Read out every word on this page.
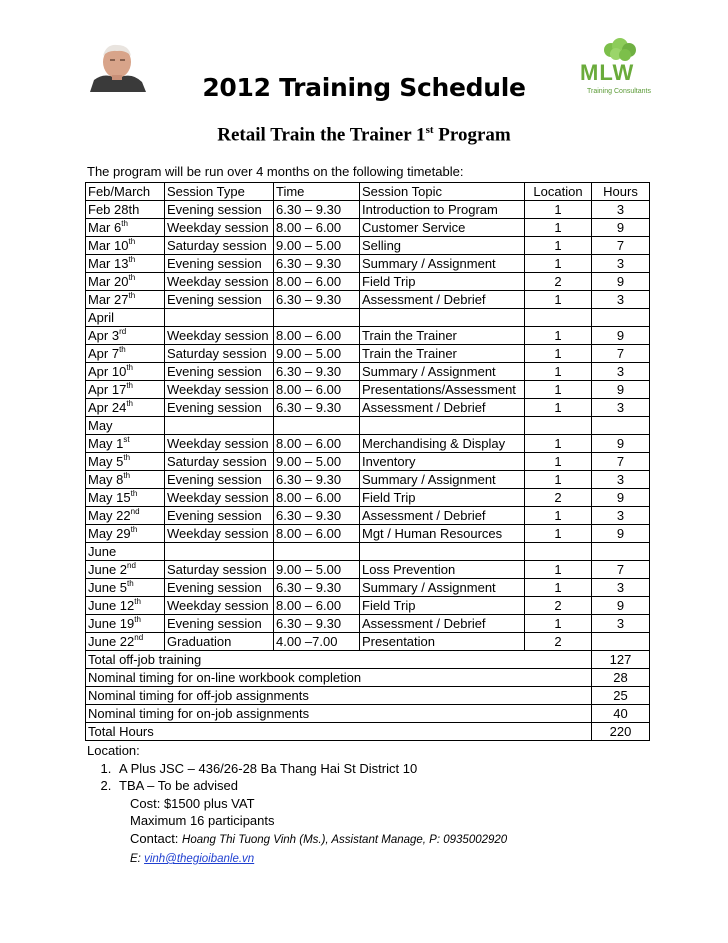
MLW
Training Consultants
2012 Training Schedule
Retail Train the Trainer 1st Program
The program will be run over 4 months on the following timetable:
Feb/March	Session Type	Time	Session Topic	Location	Hours
Feb 28th	Evening session	6.30 – 9.30	Introduction to Program	1	3
Mar 6th	Weekday session	8.00 – 6.00	Customer Service	1	9
Mar 10th	Saturday session	9.00 – 5.00	Selling	1	7
Mar 13th	Evening session	6.30 – 9.30	Summary / Assignment	1	3
Mar 20th	Weekday session	8.00 – 6.00	Field Trip	2	9
Mar 27th	Evening session	6.30 – 9.30	Assessment / Debrief	1	3
April					
Apr 3rd	Weekday session	8.00 – 6.00	Train the Trainer	1	9
Apr 7th	Saturday session	9.00 – 5.00	Train the Trainer	1	7
Apr 10th	Evening session	6.30 – 9.30	Summary / Assignment	1	3
Apr 17th	Weekday session	8.00 – 6.00	Presentations/Assessment	1	9
Apr 24th	Evening session	6.30 – 9.30	Assessment / Debrief	1	3
May					
May 1st	Weekday session	8.00 – 6.00	Merchandising & Display	1	9
May 5th	Saturday session	9.00 – 5.00	Inventory	1	7
May 8th	Evening session	6.30 – 9.30	Summary / Assignment	1	3
May 15th	Weekday session	8.00 – 6.00	Field Trip	2	9
May 22nd	Evening session	6.30 – 9.30	Assessment / Debrief	1	3
May 29th	Weekday session	8.00 – 6.00	Mgt / Human Resources	1	9
June					
June 2nd	Saturday session	9.00 – 5.00	Loss Prevention	1	7
June 5th	Evening session	6.30 – 9.30	Summary / Assignment	1	3
June 12th	Weekday session	8.00 – 6.00	Field Trip	2	9
June 19th	Evening session	6.30 – 9.30	Assessment / Debrief	1	3
June 22nd	Graduation	4.00 –7.00	Presentation	2	
Total off-job training					127
Nominal timing for on-line workbook completion					28
Nominal timing for off-job assignments					25
Nominal timing for on-job assignments					40
Total Hours					220
Location:
1. A Plus JSC – 436/26-28 Ba Thang Hai St District 10
2. TBA – To be advised
Cost: $1500 plus VAT
Maximum 16 participants
Contact: Hoang Thi Tuong Vinh (Ms.), Assistant Manage, P: 0935002920
E: vinh@thegioibanle.vn
